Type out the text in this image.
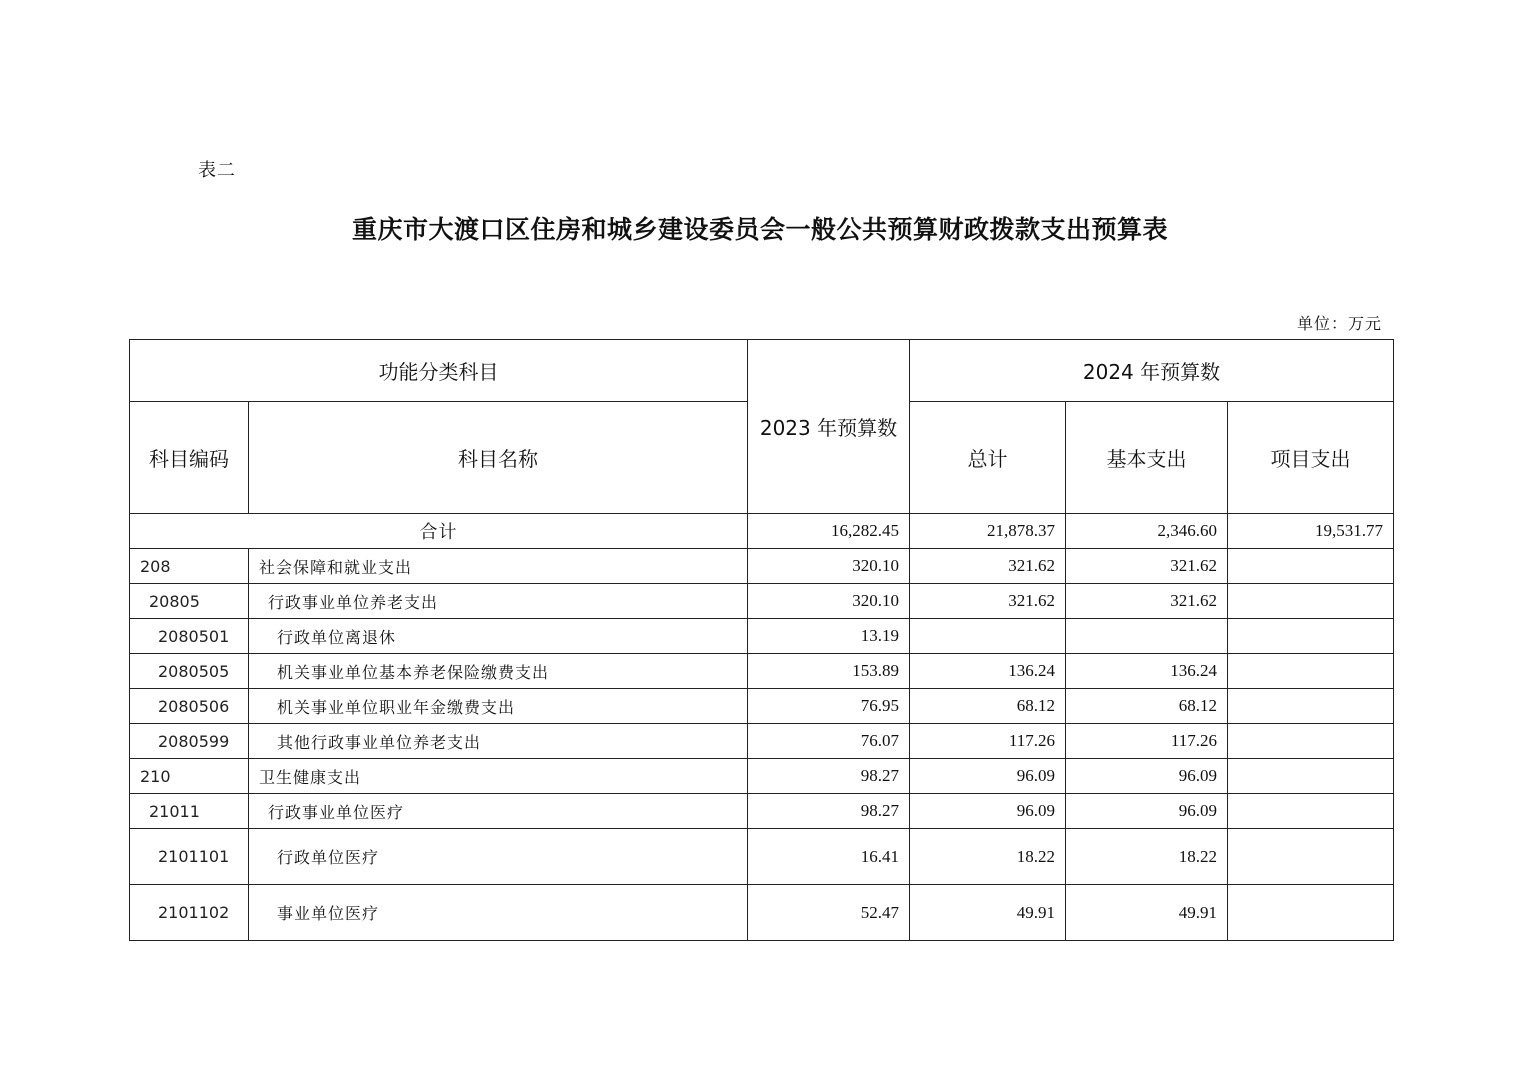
表二
重庆市大渡口区住房和城乡建设委员会一般公共预算财政拨款支出预算表
单位：万元
功能分类科目		2023 年预算数	2024 年预算数		
科目编码	科目名称		总计	基本支出	项目支出
合计		16,282.45	21,878.37	2,346.60	19,531.77
208	社会保障和就业支出	320.10	321.62	321.62	
20805	行政事业单位养老支出	320.10	321.62	321.62	
2080501	行政单位离退休	13.19			
2080505	机关事业单位基本养老保险缴费支出	153.89	136.24	136.24	
2080506	机关事业单位职业年金缴费支出	76.95	68.12	68.12	
2080599	其他行政事业单位养老支出	76.07	117.26	117.26	
210	卫生健康支出	98.27	96.09	96.09	
21011	行政事业单位医疗	98.27	96.09	96.09	
2101101	行政单位医疗	16.41	18.22	18.22	
2101102	事业单位医疗	52.47	49.91	49.91	
